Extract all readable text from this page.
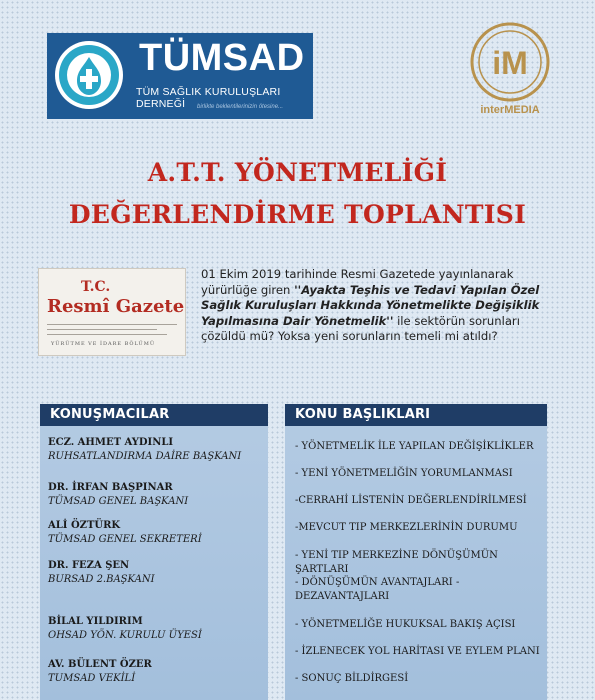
TÜMSAD
TÜM SAĞLIK KURULUŞLARI DERNEĞİ	birlikte beklentilerinizin ötesine...
iM
interMEDIA
A.T.T. YÖNETMELİĞİ
DEĞERLENDİRME TOPLANTISI
T.C.
Resmî Gazete
YÜRÜTME VE İDARE BÖLÜMÜ
01 Ekim 2019 tarihinde Resmi Gazetede yayınlanarak yürürlüğe giren ''Ayakta Teşhis ve Tedavi Yapılan Özel Sağlık Kuruluşları Hakkında Yönetmelikte Değişiklik Yapılmasına Dair Yönetmelik'' ile sektörün sorunları çözüldü mü? Yoksa yeni sorunların temeli mi atıldı?
KONUŞMACILAR
ECZ. AHMET AYDINLI
RUHSATLANDIRMA DAİRE BAŞKANI
DR. İRFAN BAŞPINAR
TÜMSAD GENEL BAŞKANI
ALİ ÖZTÜRK
TÜMSAD GENEL SEKRETERİ
DR. FEZA ŞEN
BURSAD 2.BAŞKANI
BİLAL YILDIRIM
OHSAD YÖN. KURULU ÜYESİ
AV. BÜLENT ÖZER
TUMSAD VEKİLİ
KONU BAŞLIKLARI
- YÖNETMELİK İLE YAPILAN DEĞİŞİKLİKLER
- YENİ YÖNETMELİĞİN YORUMLANMASI
-CERRAHİ LİSTENİN DEĞERLENDİRİLMESİ
-MEVCUT TIP MERKEZLERİNİN DURUMU
- YENİ TIP MERKEZİNE DÖNÜŞÜMÜN ŞARTLARI
- DÖNÜŞÜMÜN AVANTAJLARI - DEZAVANTAJLARI
- YÖNETMELİĞE HUKUKSAL BAKIŞ AÇISI
- İZLENECEK YOL HARİTASI VE EYLEM PLANI
- SONUÇ BİLDİRGESİ
